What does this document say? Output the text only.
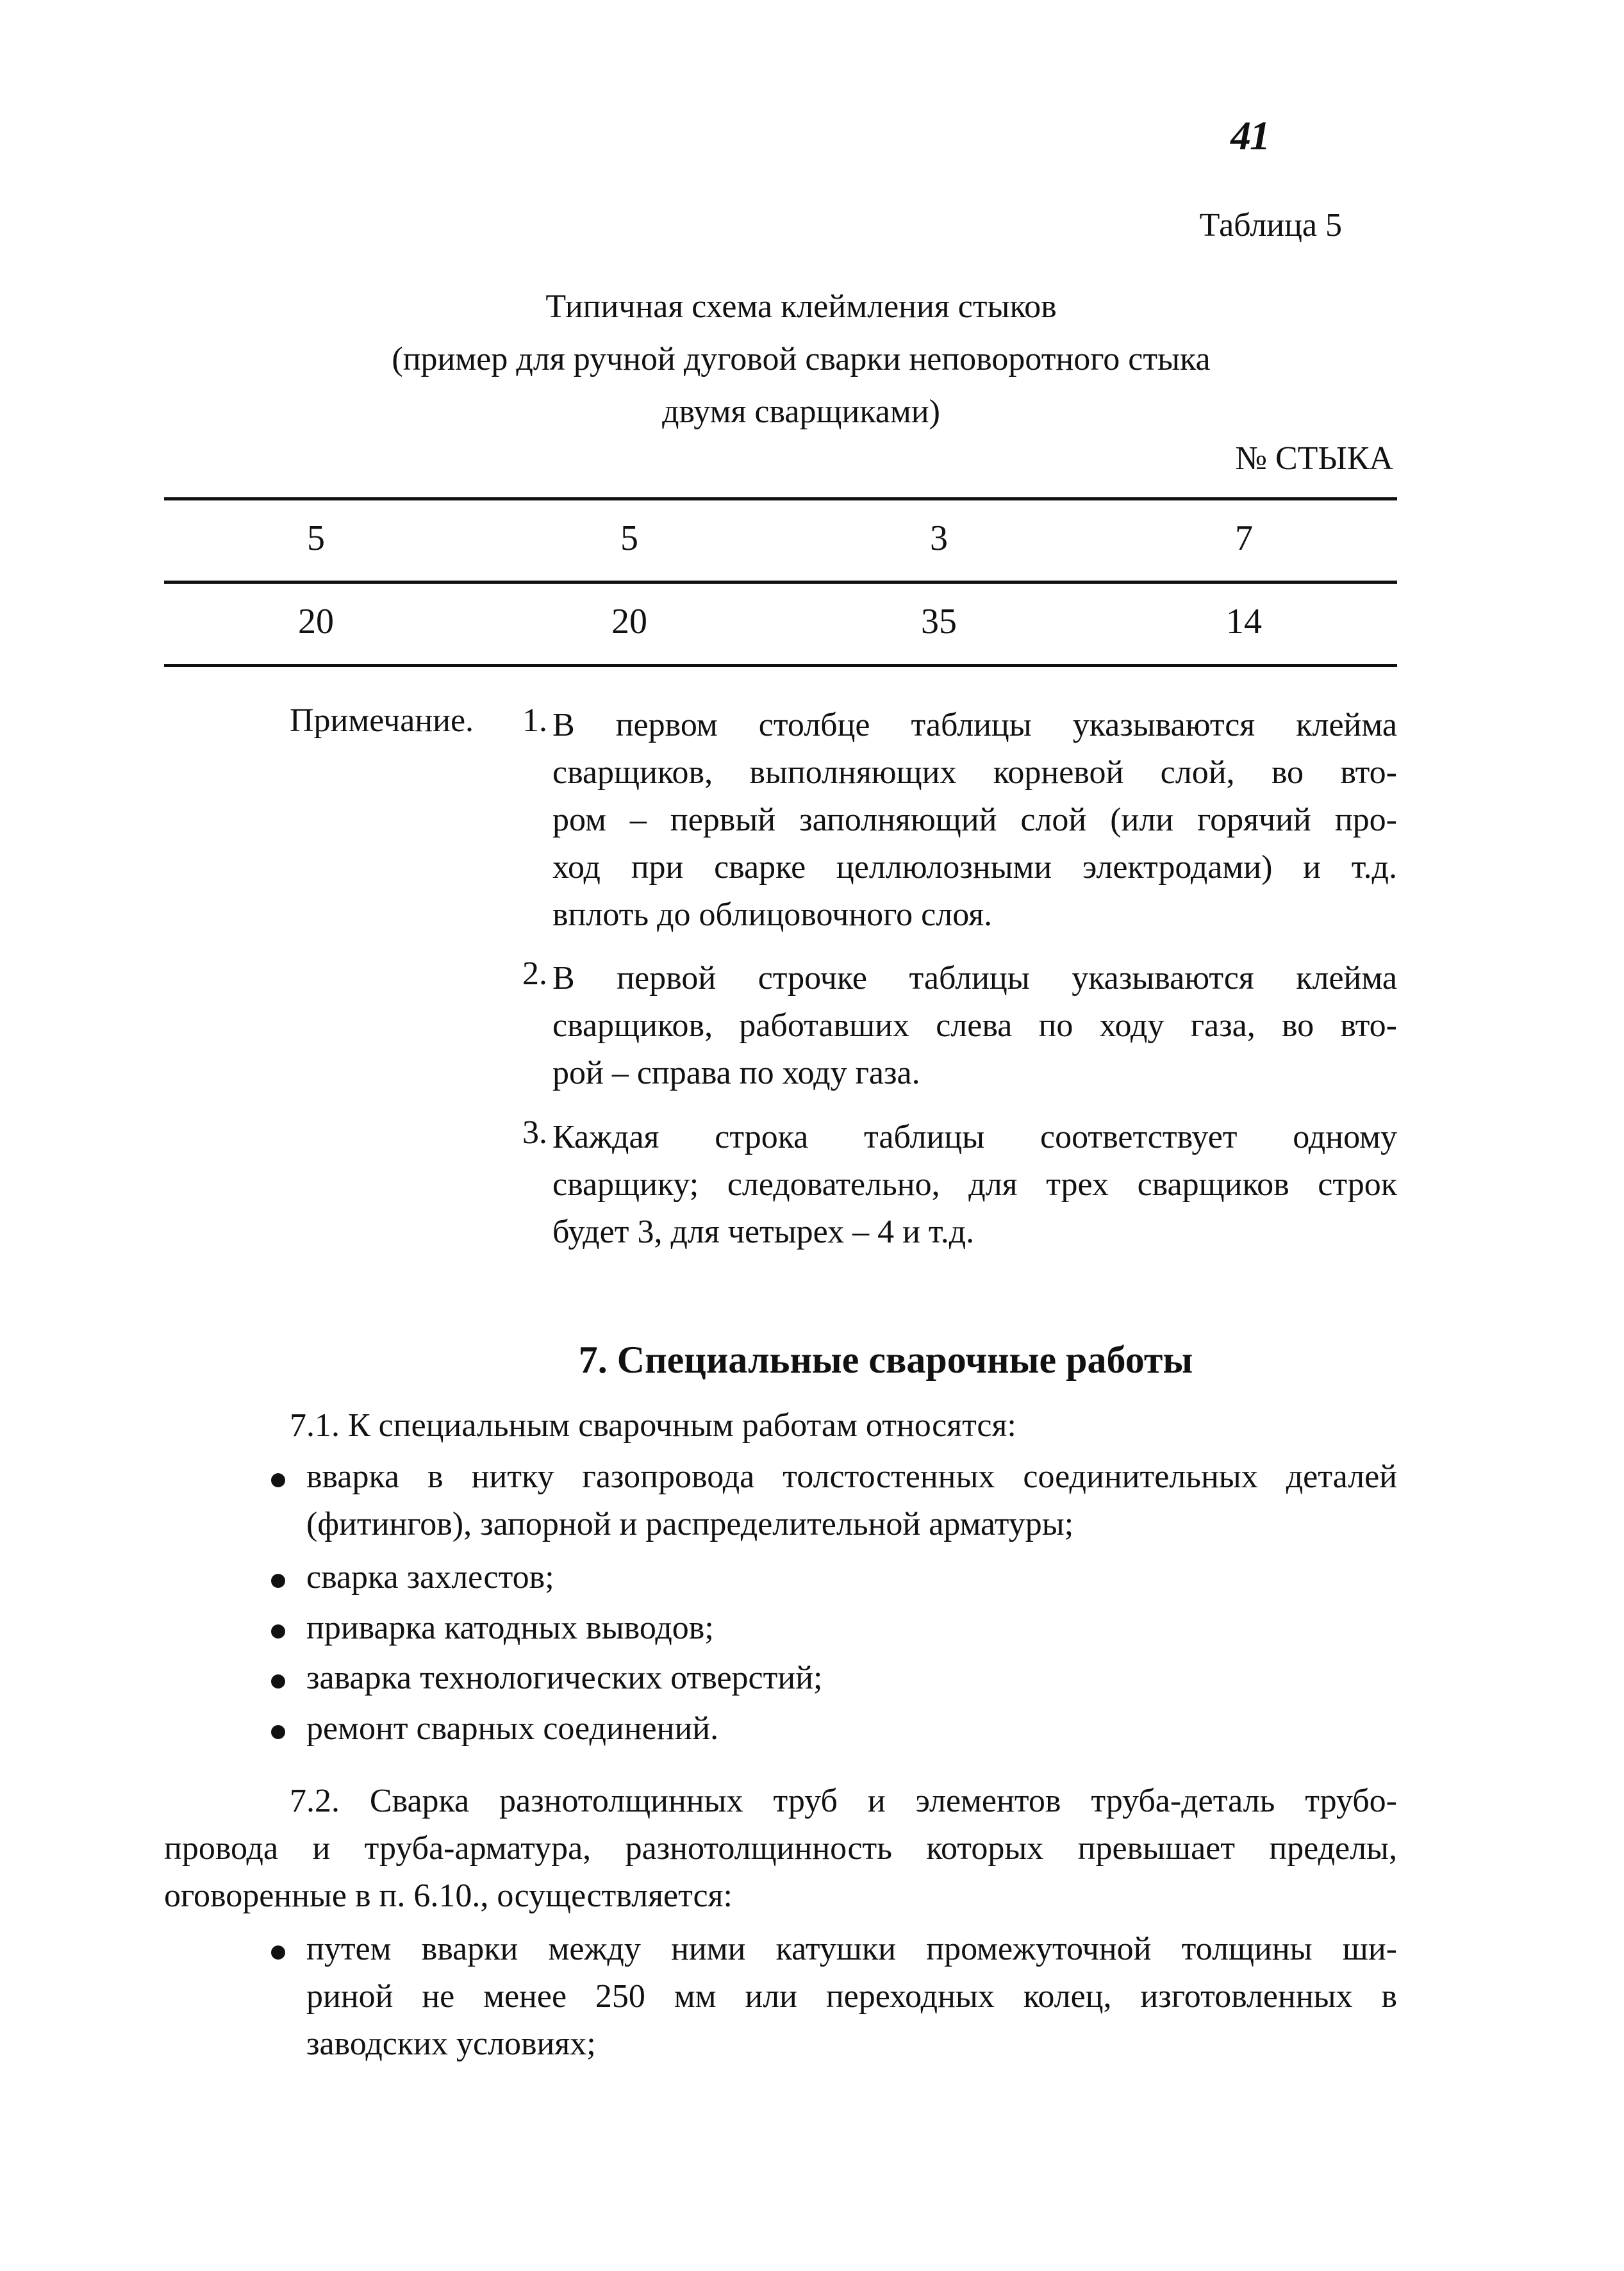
41
Таблица 5
Типичная схема клеймления стыков
(пример для ручной дуговой сварки неповоротного стыка
двумя сварщиками)
№ СТЫКА
5	5	3	7
20	20	35	14
Примечание.	1. В первом столбце таблицы указываются клейма
сварщиков, выполняющих корневой слой, во вто-
ром – первый заполняющий слой (или горячий про-
ход при сварке целлюлозными электродами) и т.д.
вплоть до облицовочного слоя.
2. В первой строчке таблицы указываются клейма
сварщиков, работавших слева по ходу газа, во вто-
рой – справа по ходу газа.
3. Каждая строка таблицы соответствует одному
сварщику; следовательно, для трех сварщиков строк
будет 3, для четырех – 4 и т.д.
7. Специальные сварочные работы
7.1. К специальным сварочным работам относятся:
вварка в нитку газопровода толстостенных соединительных деталей
(фитингов), запорной и распределительной арматуры;
сварка захлестов;
приварка катодных выводов;
заварка технологических отверстий;
ремонт сварных соединений.
7.2. Сварка разнотолщинных труб и элементов труба-деталь трубо-
провода и труба-арматура, разнотолщинность которых превышает пределы,
оговоренные в п. 6.10., осуществляется:
путем вварки между ними катушки промежуточной толщины ши-
риной не менее 250 мм или переходных колец, изготовленных в
заводских условиях;
